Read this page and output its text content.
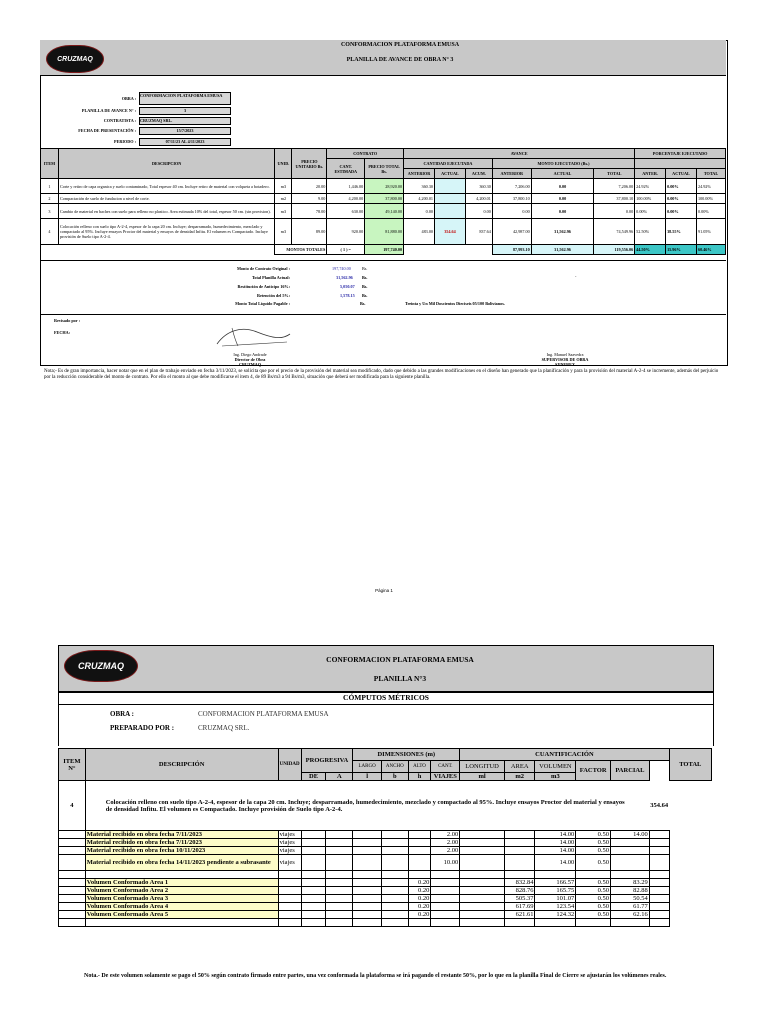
CRUZMAQ
CONFORMACION PLATAFORMA EMUSA
PLANILLA DE AVANCE DE OBRA N° 3
OBRA :
CONFORMACION PLATAFORMA EMUSA
PLANILLA DE AVANCE N° :	3
CONTRATISTA : CRUZMAQ SRL.
FECHA DE PRESENTACIÓN :	15/7/2023
PERIODO :	07/11/23 AL 4/11/2023
ITEM	DESCRIPCION	UNID.	PRECIO UNITARIO Bs.	CONTRATO		AVANCE						PORCENTAJE EJECUTADO		
				CANT. ESTIMADA	PRECIO TOTAL Bs.	CANTIDAD EJECUTADA			MONTO EJECUTADO (Bs.)					
						ANTERIOR	ACTUAL	ACUM.	ANTERIOR	ACTUAL	TOTAL	ANTER.	ACTUAL	TOTAL
1	Corte y retiro de capa organica y suelo contaminado, Total espesor 40 cm. Incluye retiro de material con volqueta a botadero.	m3	20.00	1,446.00	28,920.00	360.30		360.30	7,206.00	0.00	7,206.00	24.92%	0.00%	24.92%
2	Compactación de suelo de fundacion a nivel de corte.	m2	9.00	4,200.00	37,800.00	4,200.01		4,200.01	37,800.10	0.00	37,800.10	100.00%	0.00%	100.00%
3	Cambio de material en baches con suelo para relleno no plastico. Area estimada 10% del total, espesor 50 cm. (sin provision).	m3	78.00	630.00	49,140.00	0.00		0.00	0.00	0.00	0.00	0.00%	0.00%	0.00%
4	Colocación relleno con suelo tipo A-2-4, espesor de la capa 20 cm. Incluye; desparramado, humedecimiento, mezclado y compactado al 95%. Incluye ensayos Proctor del material y ensayos de densidad Infitu. El volumen es Compactado. Incluye provisión de Suelo tipo A-2-4.	m3	89.00	920.00	81,880.00	483.00	354.64	837.64	42,987.00	31,562.96	74,549.96	52.50%	38.55%	91.05%
		MONTOS TOTALES		( 1 ) =	197,740.00				87,993.10	31,562.96	119,556.06	44.50%	15.96%	60.46%
Monto de Contrato Original :	197,740.00	Bs.
Total Planilla Actual:	31,562.96 Bs.
Restitución de Anticipo 16%:	5,050.07 Bs.
Retención del 5%:	1,578.15 Bs.
Monto Total Líquido Pagable :	Bs.	Treinta y Un Mil Doscientos Dieciseis 05/100 Bolivianos.
-
Revisado por :
FECHA:
Ing. Diego Andrade
Director de Obra
CRUZMAQ
Ing. Manuel Saavedra
SUPERVISOR DE OBRA
SYNEREX
Nota;- Es de gran importancia, hacer notar que en el plan de trabajo enviado en fecha 3/11/2023, se solicita que por el precio de la provisión del material sea modificado, dado que debido a las grandes modificaciones en el diseño han generado que la planificación y para la provisión del material A-2-4 se incremente, además del perjuicio por la reducción considerable del monto de contrato. Por ello el monto al que debe modificarse el item 4, de 89 Bs/m3 a 94 Bs/m3, situación que deberá ser modificada para la siguiente planilla.
Página 1
CRUZMAQ
CONFORMACION PLATAFORMA EMUSA
PLANILLA N°3
CÓMPUTOS MÉTRICOS
OBRA :	CONFORMACION PLATAFORMA EMUSA
PREPARADO POR :	CRUZMAQ SRL.
ITEM N°	DESCRIPCIÓN	UNIDAD	PROGRESIVA		DIMENSIONES (m)				CUANTIFICACIÓN						TOTAL
					LARGO	ANCHO	ALTO	CANT.	LONGITUD	AREA	VOLUMEN	FACTOR	PARCIAL	
			DE	A	l	b	h	VIAJES	ml	m2	m3				
4	Colocación relleno con suelo tipo A-2-4, espesor de la capa 20 cm. Incluye; desparramado, humedecimiento, mezclado y compactado al 95%. Incluye ensayos Proctor del material y ensayos de densidad Infitu. El volumen es Compactado. Incluye provisión de Suelo tipo A-2-4.													354.64	
	Material recibido en obra fecha 7/11/2023	viajes						2.00			14.00	0.50	14.00		
	Material recibido en obra fecha 7/11/2023	viajes						2.00			14.00	0.50			
	Material recibido en obra fecha 10/11/2023	viajes						2.00			14.00	0.50			
	Material recibido en obra fecha 14/11/2023 pendiente a subrasante	viajes						10.00			14.00	0.50			

	Volumen Conformado Area 1						0.20			832.84	166.57	0.50	83.29		
	Volumen Conformado Area 2						0.20			828.76	165.75	0.50	82.88		
	Volumen Conformado Area 3						0.20			505.37	101.07	0.50	50.54		
	Volumen Conformado Area 4						0.20			617.69	123.54	0.50	61.77		
	Volumen Conformado Area 5						0.20			621.61	124.32	0.50	62.16		

Nota.- De este volumen solamente se pago el 50% según contrato firmado entre partes, una vez conformada la plataforma se irá pagando el restante 50%, por lo que en la planilla Final de Cierre se ajustarán los volúmenes reales.
